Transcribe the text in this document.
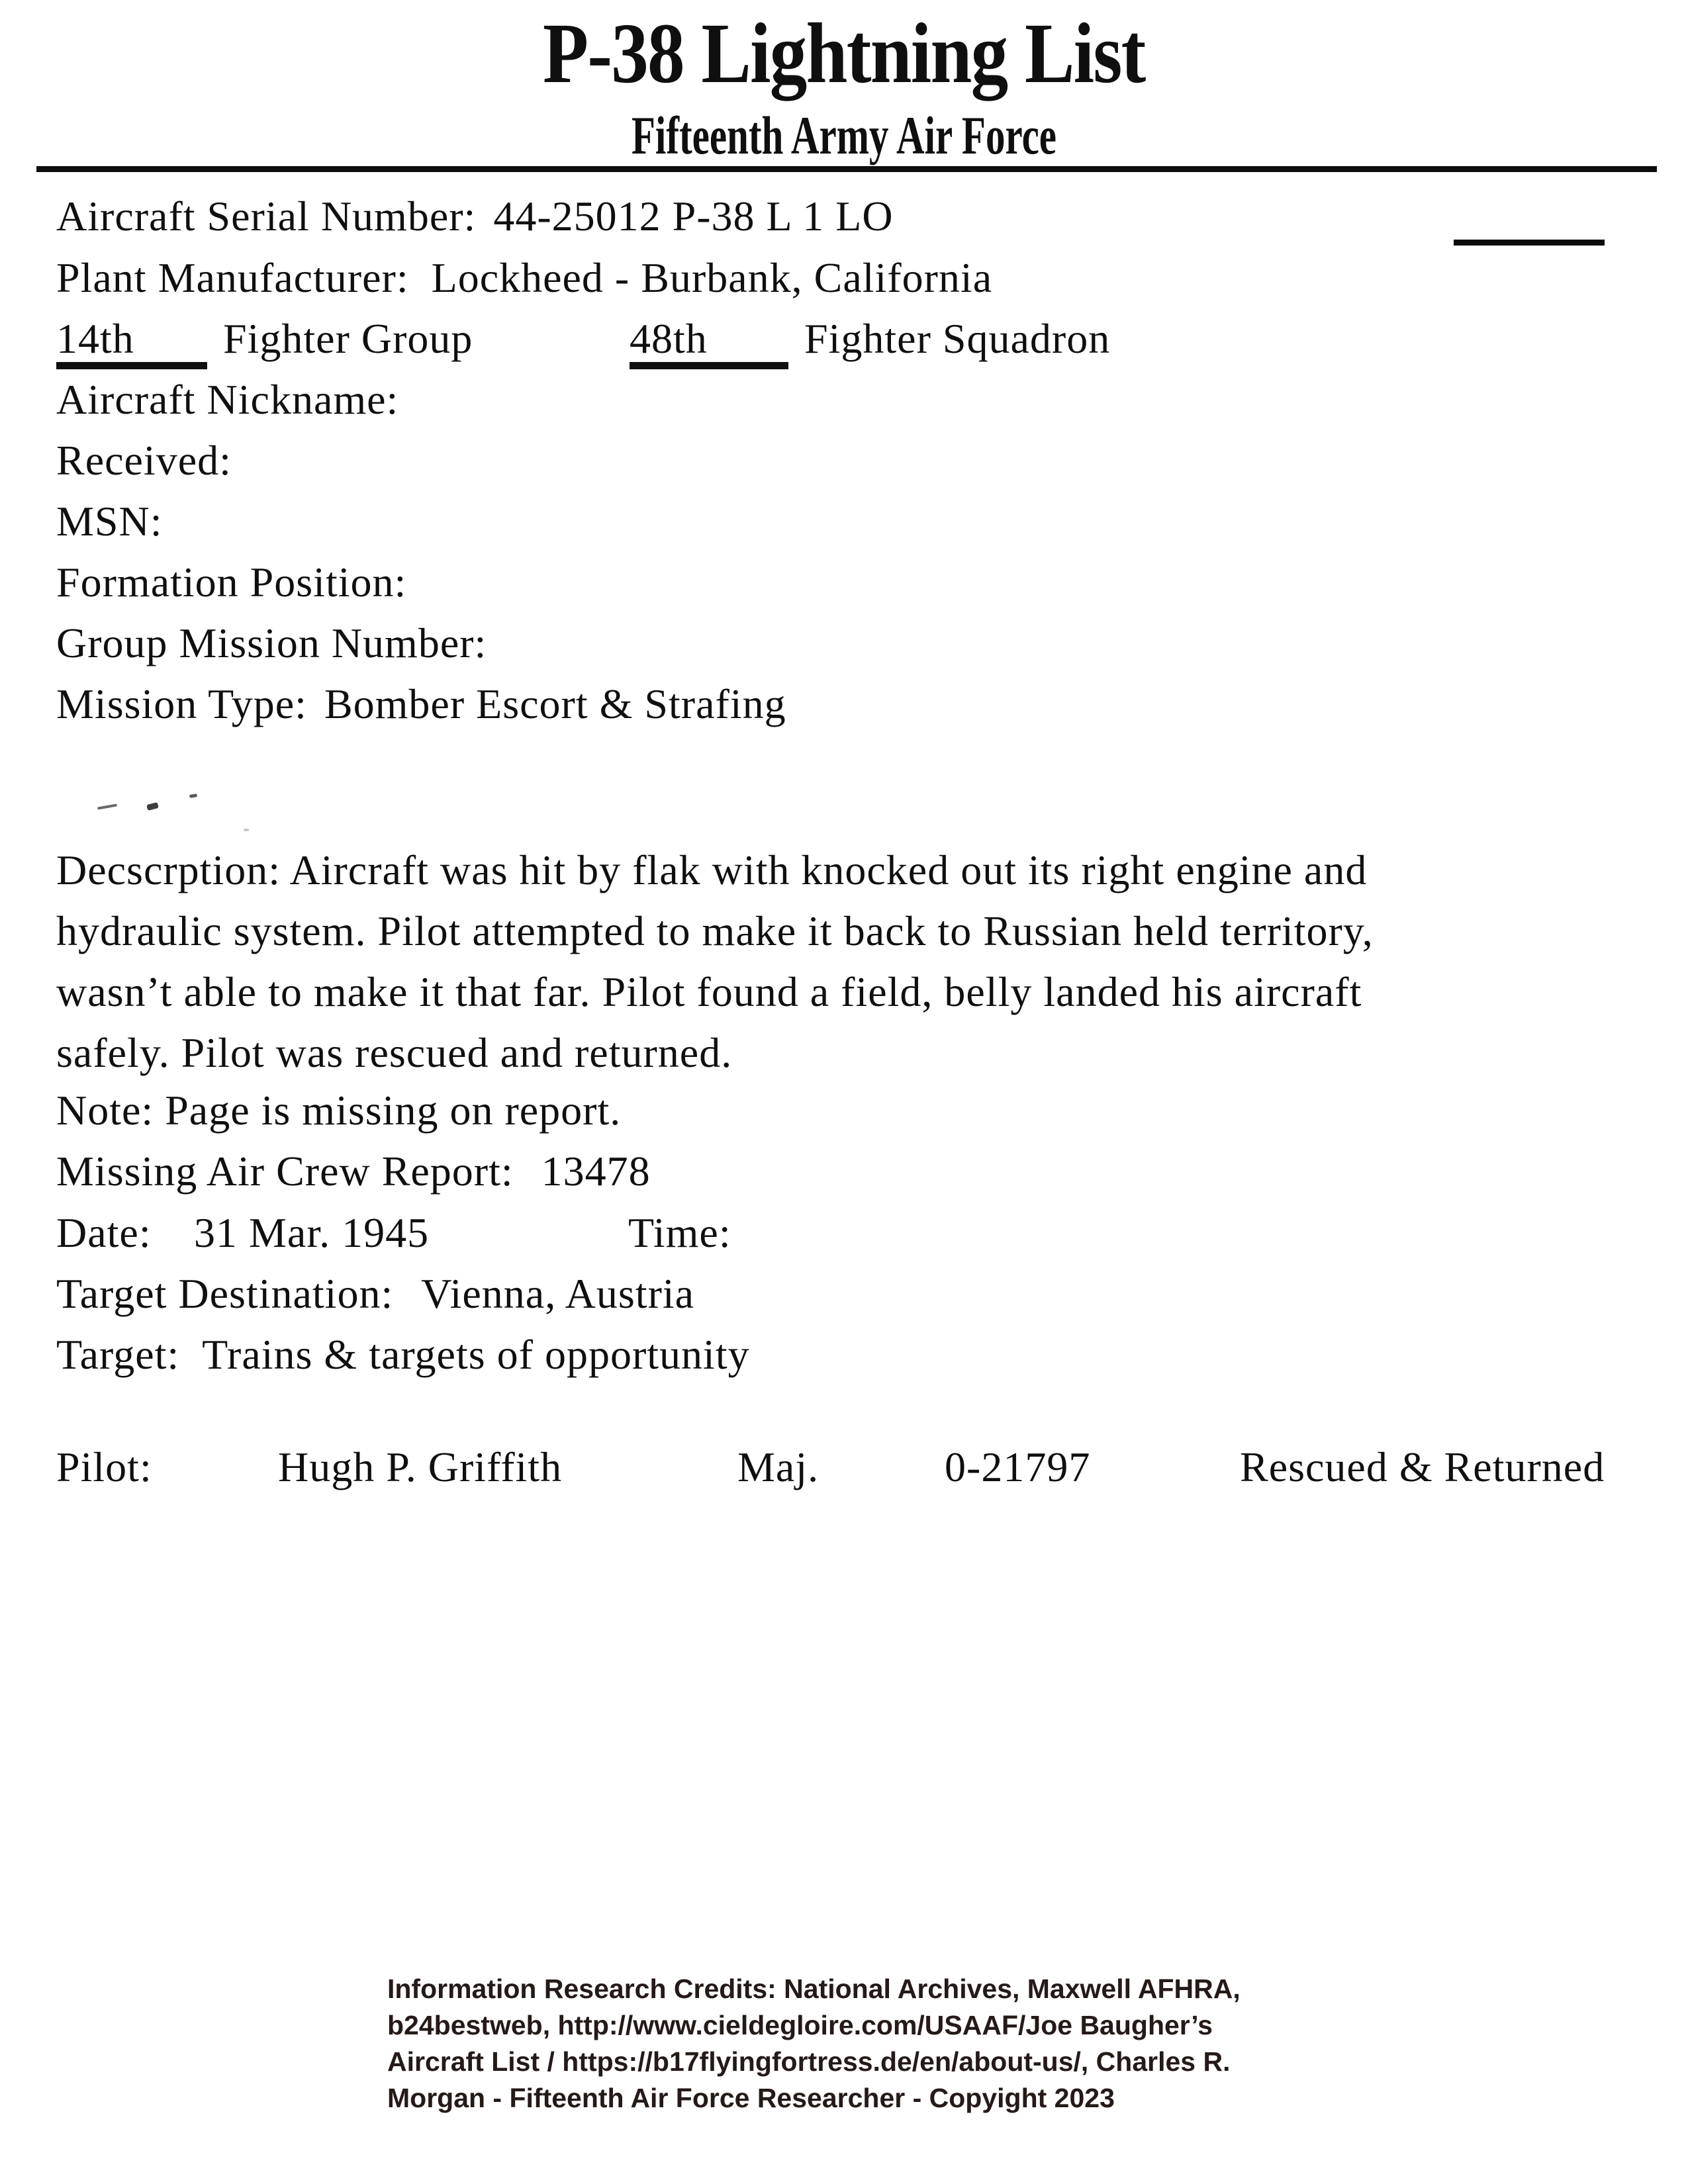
P-38 Lightning List
Fifteenth Army Air Force
Aircraft Serial Number: 44-25012 P-38 L 1 LO
Plant Manufacturer: Lockheed - Burbank, California
14th	Fighter Group	48th	Fighter Squadron
Aircraft Nickname:
Received:
MSN:
Formation Position:
Group Mission Number:
Mission Type: Bomber Escort & Strafing
Decscrption: Aircraft was hit by flak with knocked out its right engine and
hydraulic system. Pilot attempted to make it back to Russian held territory,
wasn’t able to make it that far. Pilot found a field, belly landed his aircraft
safely. Pilot was rescued and returned.
Note: Page is missing on report.
Missing Air Crew Report: 13478
Date: 31 Mar. 1945	Time:
Target Destination: Vienna, Austria
Target: Trains & targets of opportunity
Pilot:	Hugh P. Griffith	Maj.	0-21797	Rescued & Returned
Information Research Credits: National Archives, Maxwell AFHRA,
b24bestweb, http://www.cieldegloire.com/USAAF/Joe Baugher’s
Aircraft List / https://b17flyingfortress.de/en/about-us/, Charles R.
Morgan - Fifteenth Air Force Researcher - Copyight 2023
